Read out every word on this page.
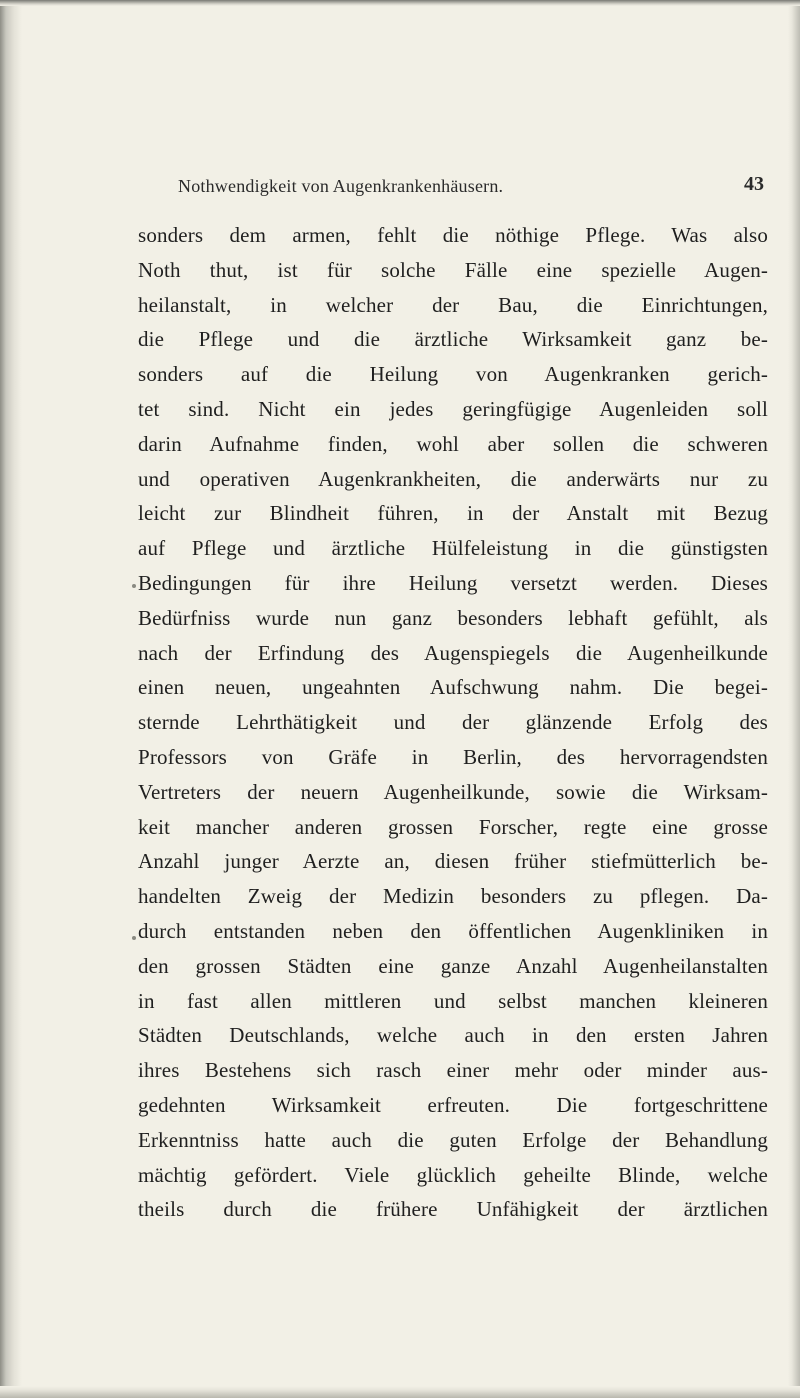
Nothwendigkeit von Augenkrankenhäusern.	43
sonders dem armen, fehlt die nöthige Pflege. Was also
Noth thut, ist für solche Fälle eine spezielle Augen-
heilanstalt, in welcher der Bau, die Einrichtungen,
die Pflege und die ärztliche Wirksamkeit ganz be-
sonders auf die Heilung von Augenkranken gerich-
tet sind. Nicht ein jedes geringfügige Augenleiden soll
darin Aufnahme finden, wohl aber sollen die schweren
und operativen Augenkrankheiten, die anderwärts nur zu
leicht zur Blindheit führen, in der Anstalt mit Bezug
auf Pflege und ärztliche Hülfeleistung in die günstigsten
Bedingungen für ihre Heilung versetzt werden. Dieses
Bedürfniss wurde nun ganz besonders lebhaft gefühlt, als
nach der Erfindung des Augenspiegels die Augenheilkunde
einen neuen, ungeahnten Aufschwung nahm. Die begei-
sternde Lehrthätigkeit und der glänzende Erfolg des
Professors von Gräfe in Berlin, des hervorragendsten
Vertreters der neuern Augenheilkunde, sowie die Wirksam-
keit mancher anderen grossen Forscher, regte eine grosse
Anzahl junger Aerzte an, diesen früher stiefmütterlich be-
handelten Zweig der Medizin besonders zu pflegen. Da-
durch entstanden neben den öffentlichen Augenkliniken in
den grossen Städten eine ganze Anzahl Augenheilanstalten
in fast allen mittleren und selbst manchen kleineren
Städten Deutschlands, welche auch in den ersten Jahren
ihres Bestehens sich rasch einer mehr oder minder aus-
gedehnten Wirksamkeit erfreuten. Die fortgeschrittene
Erkenntniss hatte auch die guten Erfolge der Behandlung
mächtig gefördert. Viele glücklich geheilte Blinde, welche
theils durch die frühere Unfähigkeit der ärztlichen
